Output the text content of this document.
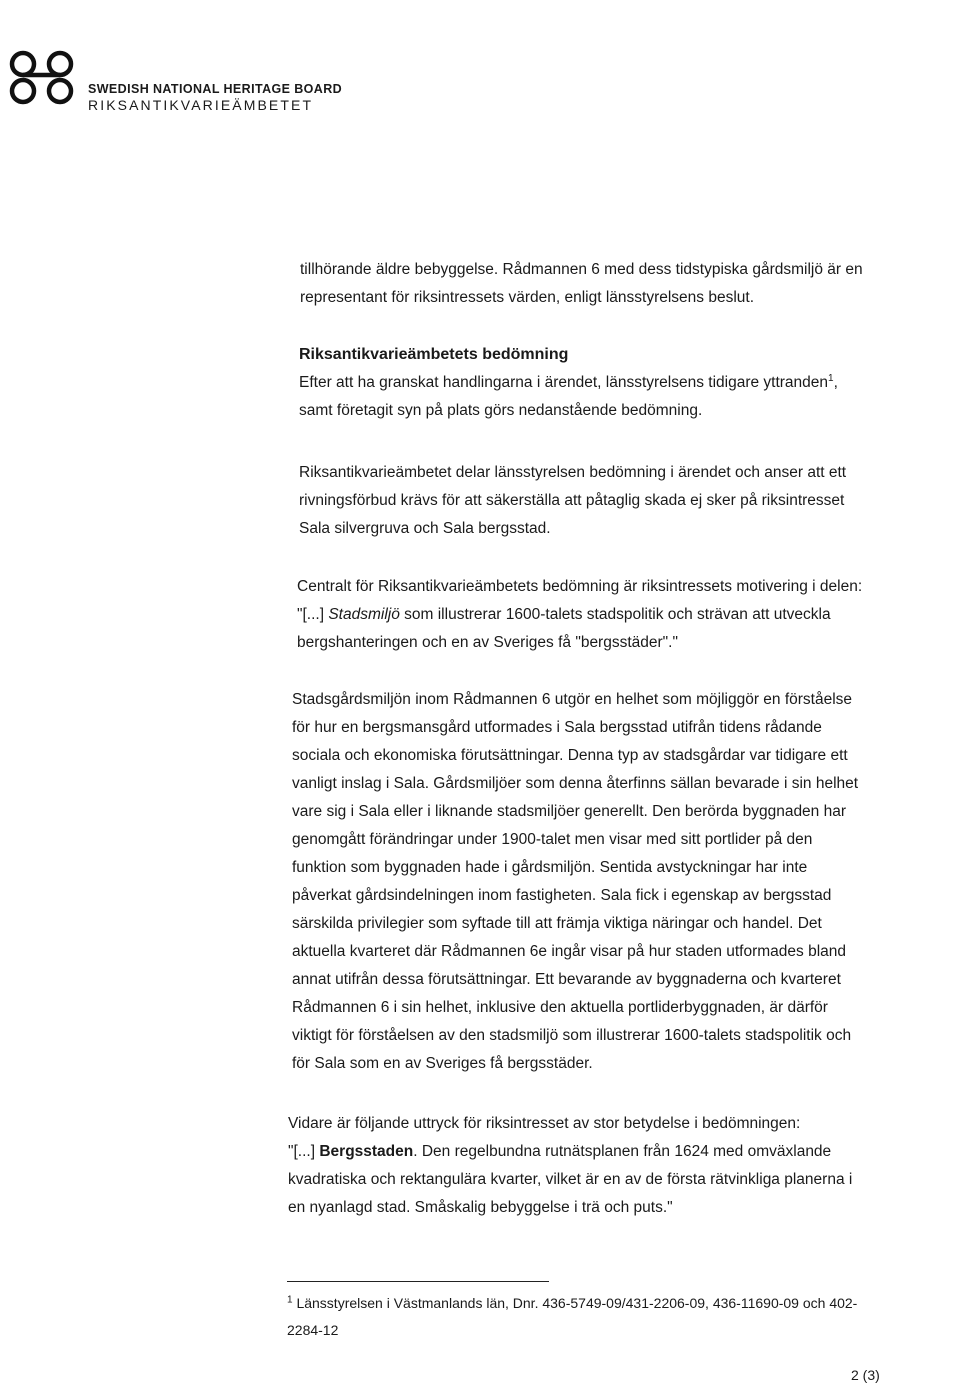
SWEDISH NATIONAL HERITAGE BOARD
RIKSANTIKVARIEÄMBETET
tillhörande äldre bebyggelse. Rådmannen 6 med dess tidstypiska gårdsmiljö är en
representant för riksintressets värden, enligt länsstyrelsens beslut.
Riksantikvarieämbetets bedömning
Efter att ha granskat handlingarna i ärendet, länsstyrelsens tidigare yttranden$^1$,
samt företagit syn på plats görs nedanstående bedömning.
Riksantikvarieämbetet delar länsstyrelsen bedömning i ärendet och anser att ett
rivningsförbud krävs för att säkerställa att påtaglig skada ej sker på riksintresset
Sala silvergruva och Sala bergsstad.
Centralt för Riksantikvarieämbetets bedömning är riksintressets motivering i delen:
"[...] Stadsmiljö som illustrerar 1600-talets stadspolitik och strävan att utveckla
bergshanteringen och en av Sveriges få "bergsstäder"."
Stadsgårdsmiljön inom Rådmannen 6 utgör en helhet som möjliggör en förståelse
för hur en bergsmansgård utformades i Sala bergsstad utifrån tidens rådande
sociala och ekonomiska förutsättningar. Denna typ av stadsgårdar var tidigare ett
vanligt inslag i Sala. Gårdsmiljöer som denna återfinns sällan bevarade i sin helhet
vare sig i Sala eller i liknande stadsmiljöer generellt. Den berörda byggnaden har
genomgått förändringar under 1900-talet men visar med sitt portlider på den
funktion som byggnaden hade i gårdsmiljön. Sentida avstyckningar har inte
påverkat gårdsindelningen inom fastigheten. Sala fick i egenskap av bergsstad
särskilda privilegier som syftade till att främja viktiga näringar och handel. Det
aktuella kvarteret där Rådmannen 6e ingår visar på hur staden utformades bland
annat utifrån dessa förutsättningar. Ett bevarande av byggnaderna och kvarteret
Rådmannen 6 i sin helhet, inklusive den aktuella portliderbyggnaden, är därför
viktigt för förståelsen av den stadsmiljö som illustrerar 1600-talets stadspolitik och
för Sala som en av Sveriges få bergsstäder.
Vidare är följande uttryck för riksintresset av stor betydelse i bedömningen:
"[...] Bergsstaden. Den regelbundna rutnätsplanen från 1624 med omväxlande
kvadratiska och rektangulära kvarter, vilket är en av de första rätvinkliga planerna i
en nyanlagd stad. Småskalig bebyggelse i trä och puts."
$^1$ Länsstyrelsen i Västmanlands län, Dnr. 436-5749-09/431-2206-09, 436-11690-09 och 402-
2284-12
2 (3)
